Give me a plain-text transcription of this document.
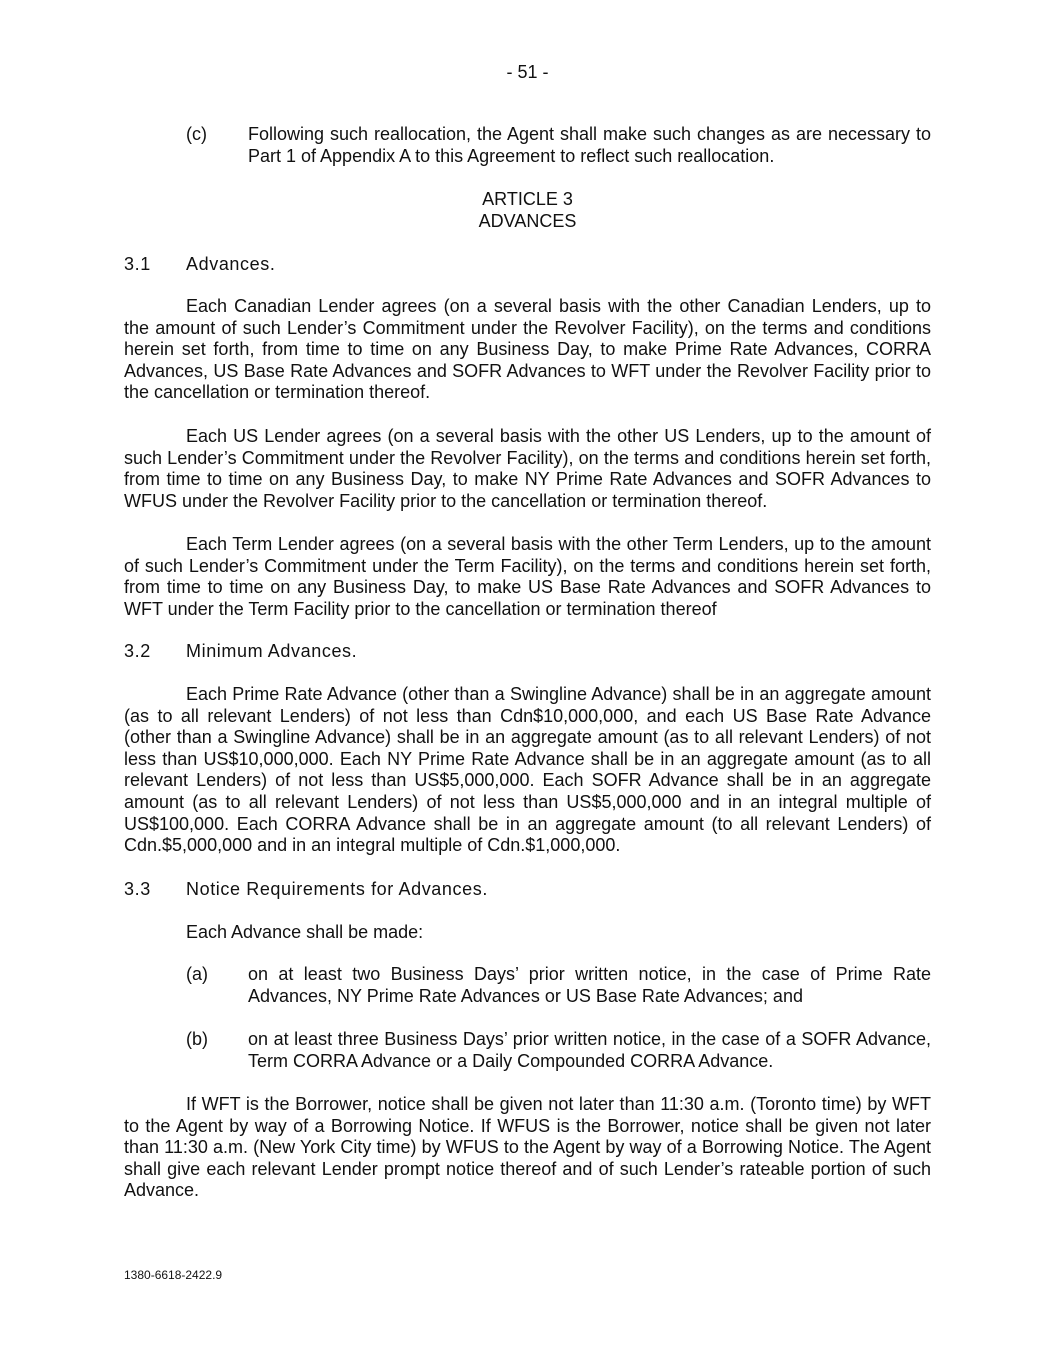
- 51 -
(c)	Following such reallocation, the Agent shall make such changes as are necessary to Part 1 of Appendix A to this Agreement to reflect such reallocation.
ARTICLE 3
ADVANCES
3.1 Advances.
Each Canadian Lender agrees (on a several basis with the other Canadian Lenders, up to the amount of such Lender’s Commitment under the Revolver Facility), on the terms and conditions herein set forth, from time to time on any Business Day, to make Prime Rate Advances, CORRA Advances, US Base Rate Advances and SOFR Advances to WFT under the Revolver Facility prior to the cancellation or termination thereof.
Each US Lender agrees (on a several basis with the other US Lenders, up to the amount of such Lender’s Commitment under the Revolver Facility), on the terms and conditions herein set forth, from time to time on any Business Day, to make NY Prime Rate Advances and SOFR Advances to WFUS under the Revolver Facility prior to the cancellation or termination thereof.
Each Term Lender agrees (on a several basis with the other Term Lenders, up to the amount of such Lender’s Commitment under the Term Facility), on the terms and conditions herein set forth, from time to time on any Business Day, to make US Base Rate Advances and SOFR Advances to WFT under the Term Facility prior to the cancellation or termination thereof
3.2 Minimum Advances.
Each Prime Rate Advance (other than a Swingline Advance) shall be in an aggregate amount (as to all relevant Lenders) of not less than Cdn$10,000,000, and each US Base Rate Advance (other than a Swingline Advance) shall be in an aggregate amount (as to all relevant Lenders) of not less than US$10,000,000. Each NY Prime Rate Advance shall be in an aggregate amount (as to all relevant Lenders) of not less than US$5,000,000. Each SOFR Advance shall be in an aggregate amount (as to all relevant Lenders) of not less than US$5,000,000 and in an integral multiple of US$100,000. Each CORRA Advance shall be in an aggregate amount (to all relevant Lenders) of Cdn.$5,000,000 and in an integral multiple of Cdn.$1,000,000.
3.3 Notice Requirements for Advances.
Each Advance shall be made:
(a)	on at least two Business Days’ prior written notice, in the case of Prime Rate Advances, NY Prime Rate Advances or US Base Rate Advances; and
(b)	on at least three Business Days’ prior written notice, in the case of a SOFR Advance, Term CORRA Advance or a Daily Compounded CORRA Advance.
If WFT is the Borrower, notice shall be given not later than 11:30 a.m. (Toronto time) by WFT to the Agent by way of a Borrowing Notice. If WFUS is the Borrower, notice shall be given not later than 11:30 a.m. (New York City time) by WFUS to the Agent by way of a Borrowing Notice. The Agent shall give each relevant Lender prompt notice thereof and of such Lender’s rateable portion of such Advance.
1380-6618-2422.9
